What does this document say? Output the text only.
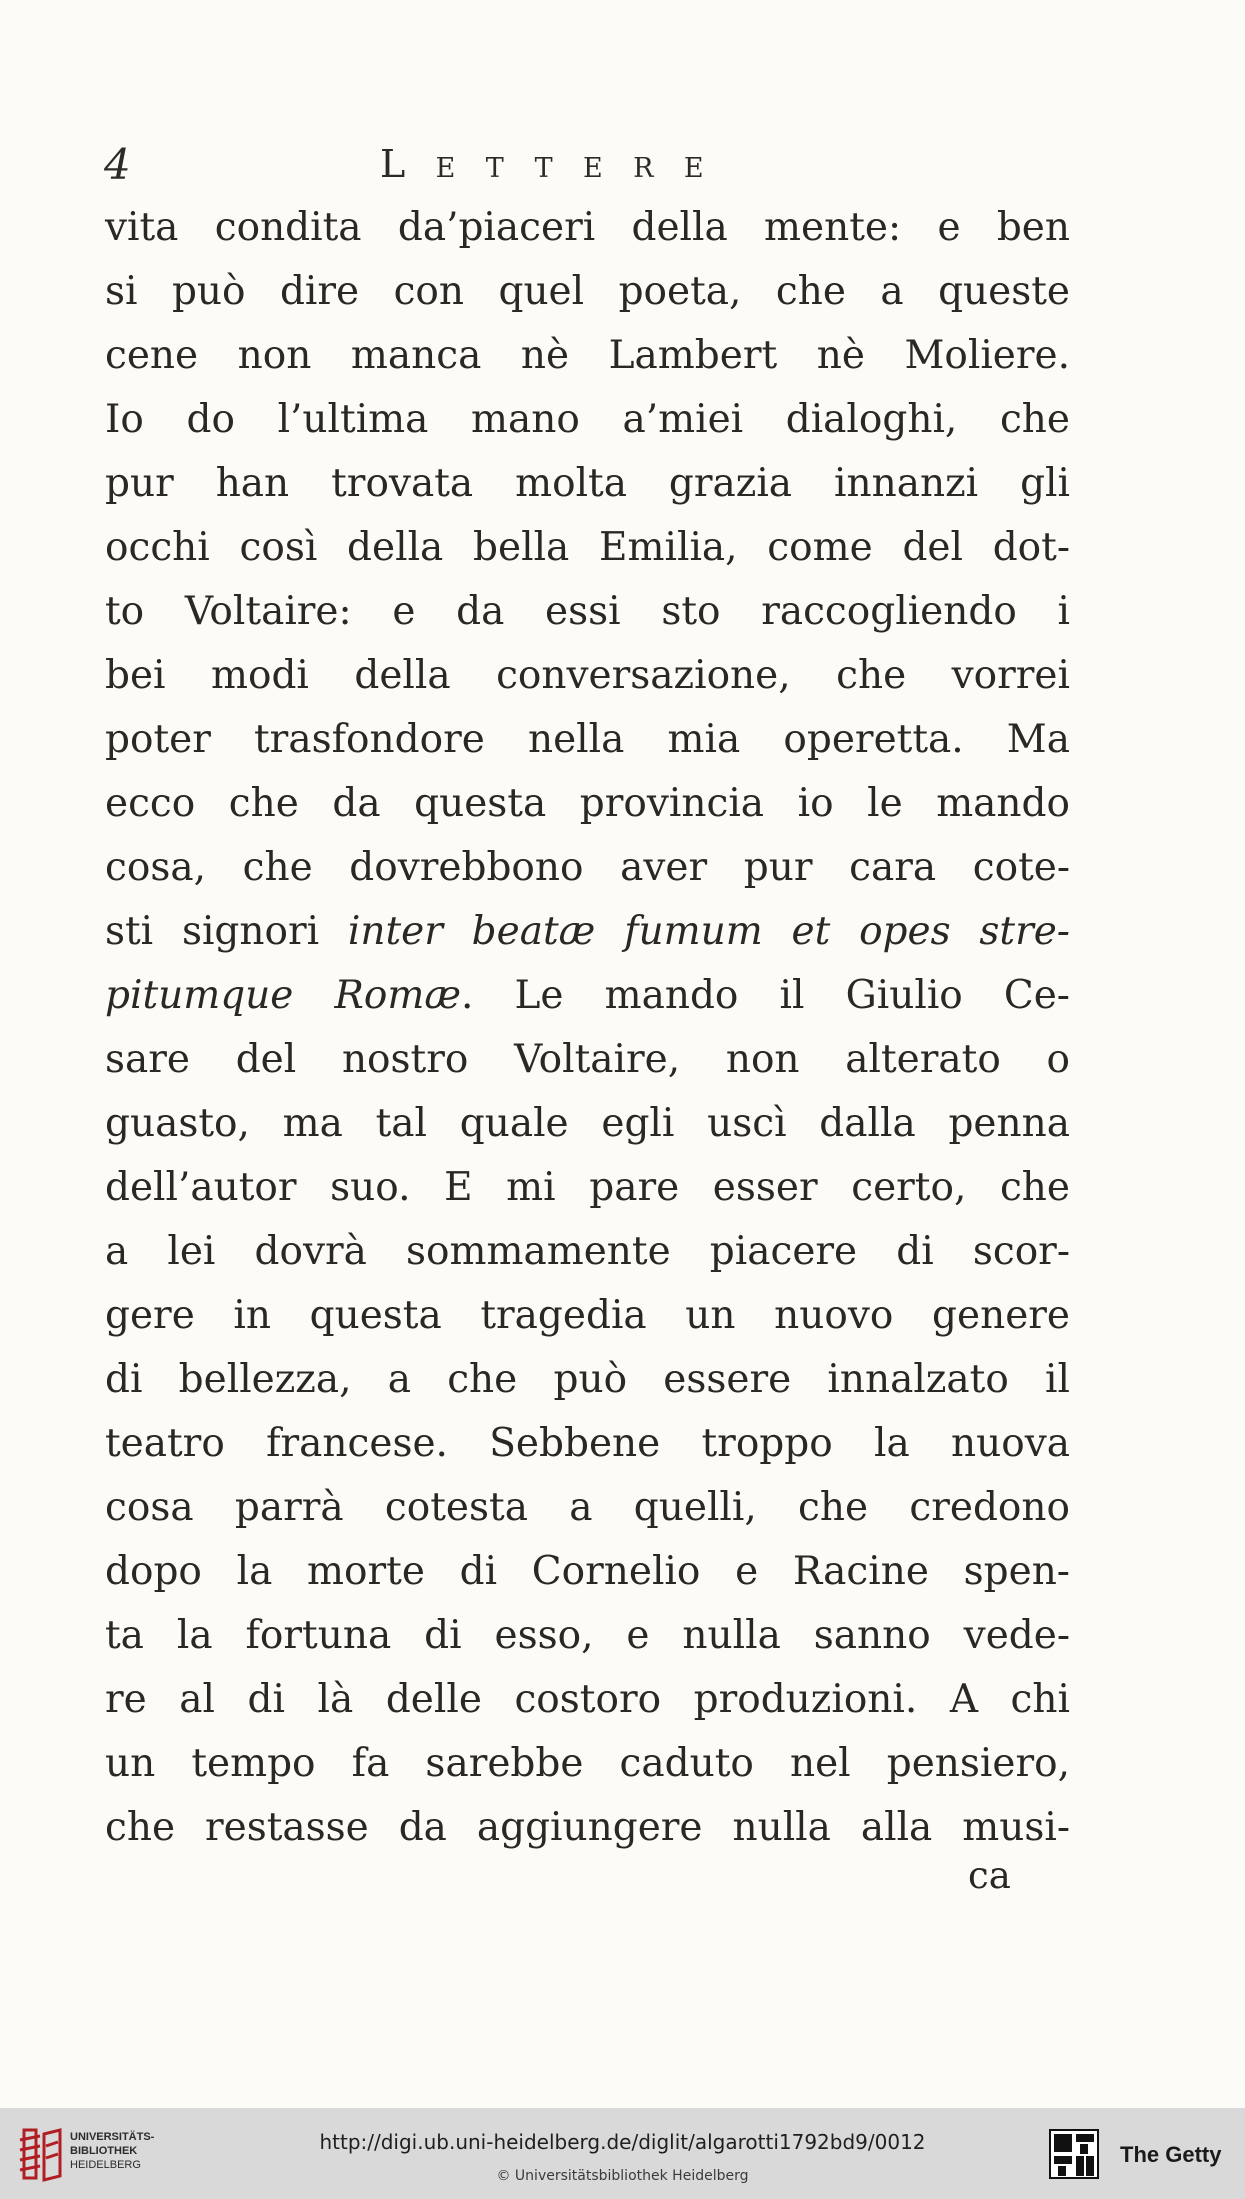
4	Lettere
vita condita da’piaceri della mente: e ben
si può dire con quel poeta, che a queste
cene non manca nè Lambert nè Moliere.
Io do l’ultima mano a’miei dialoghi, che
pur han trovata molta grazia innanzi gli
occhi così della bella Emilia, come del dot-
to Voltaire: e da essi sto raccogliendo i
bei modi della conversazione, che vorrei
poter trasfondore nella mia operetta. Ma
ecco che da questa provincia io le mando
cosa, che dovrebbono aver pur cara cote-
sti signori inter beatæ fumum et opes stre-
pitumque Romæ. Le mando il Giulio Ce-
sare del nostro Voltaire, non alterato o
guasto, ma tal quale egli uscì dalla penna
dell’autor suo. E mi pare esser certo, che
a lei dovrà sommamente piacere di scor-
gere in questa tragedia un nuovo genere
di bellezza, a che può essere innalzato il
teatro francese. Sebbene troppo la nuova
cosa parrà cotesta a quelli, che credono
dopo la morte di Cornelio e Racine spen-
ta la fortuna di esso, e nulla sanno vede-
re al di là delle costoro produzioni. A chi
un tempo fa sarebbe caduto nel pensiero,
che restasse da aggiungere nulla alla musi-
ca
UNIVERSITÄTS-
BIBLIOTHEK
HEIDELBERG
http://digi.ub.uni-heidelberg.de/diglit/algarotti1792bd9/0012
© Universitätsbibliothek Heidelberg
The Getty
